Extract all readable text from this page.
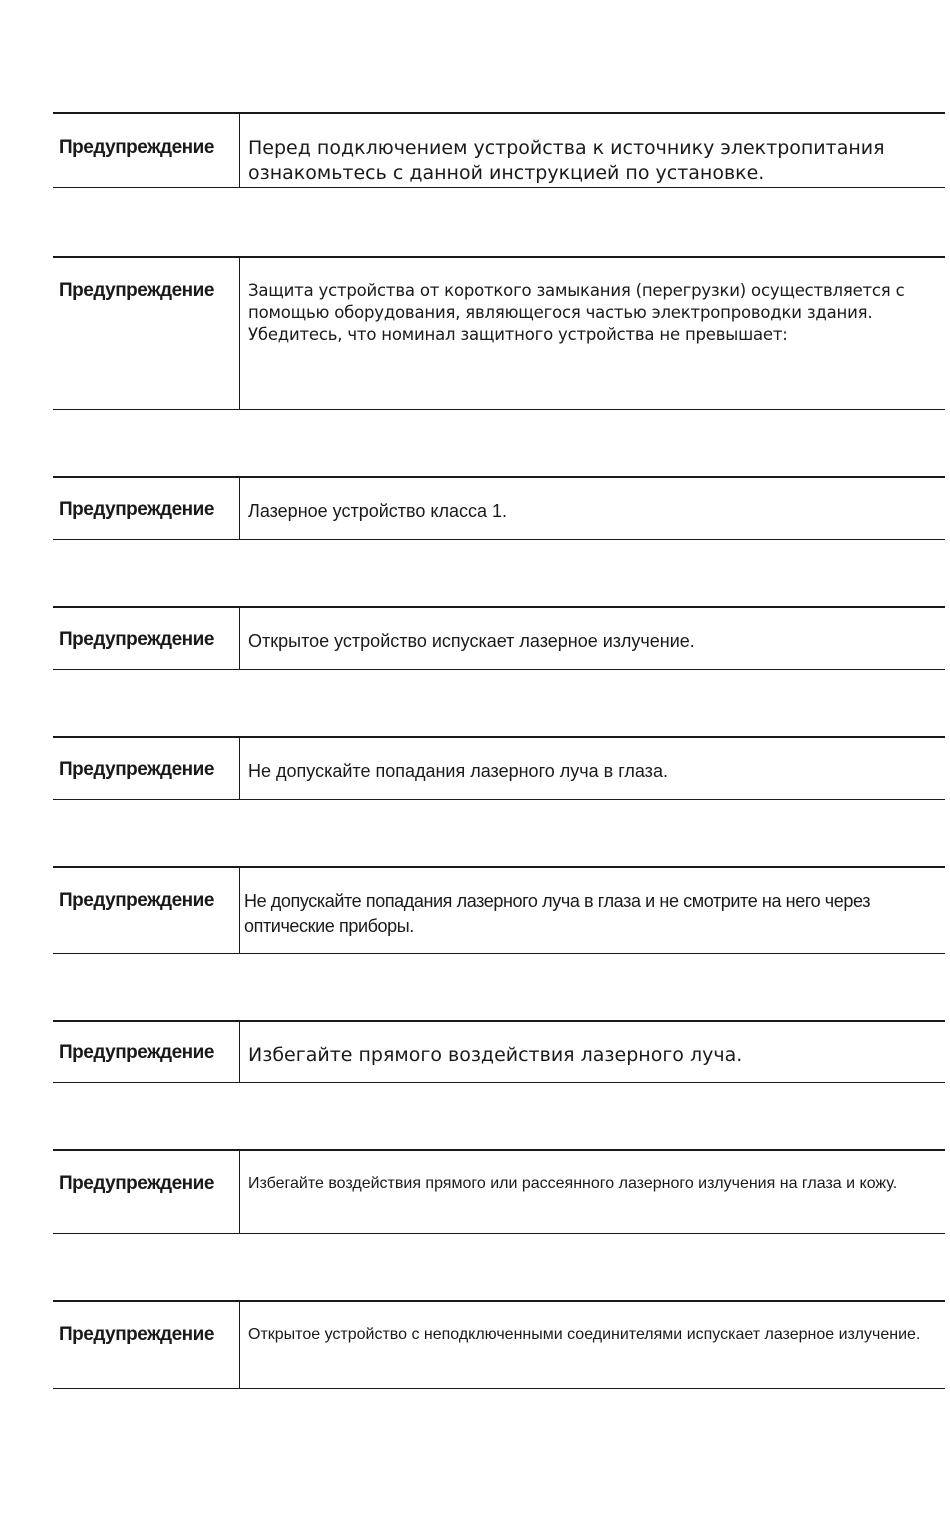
Предупреждение	Перед подключением устройства к источнику электропитания ознакомьтесь с данной инструкцией по установке.
Предупреждение	Защита устройства от короткого замыкания (перегрузки) осуществляется с помощью оборудования, являющегося частью электропроводки здания. Убедитесь, что номинал защитного устройства не превышает:
Предупреждение	Лазерное устройство класса 1.
Предупреждение	Открытое устройство испускает лазерное излучение.
Предупреждение	Не допускайте попадания лазерного луча в глаза.
Предупреждение	Не допускайте попадания лазерного луча в глаза и не смотрите на него через оптические приборы.
Предупреждение	Избегайте прямого воздействия лазерного луча.
Предупреждение	Избегайте воздействия прямого или рассеянного лазерного излучения на глаза и кожу.
Предупреждение	Открытое устройство с неподключенными соединителями испускает лазерное излучение.
